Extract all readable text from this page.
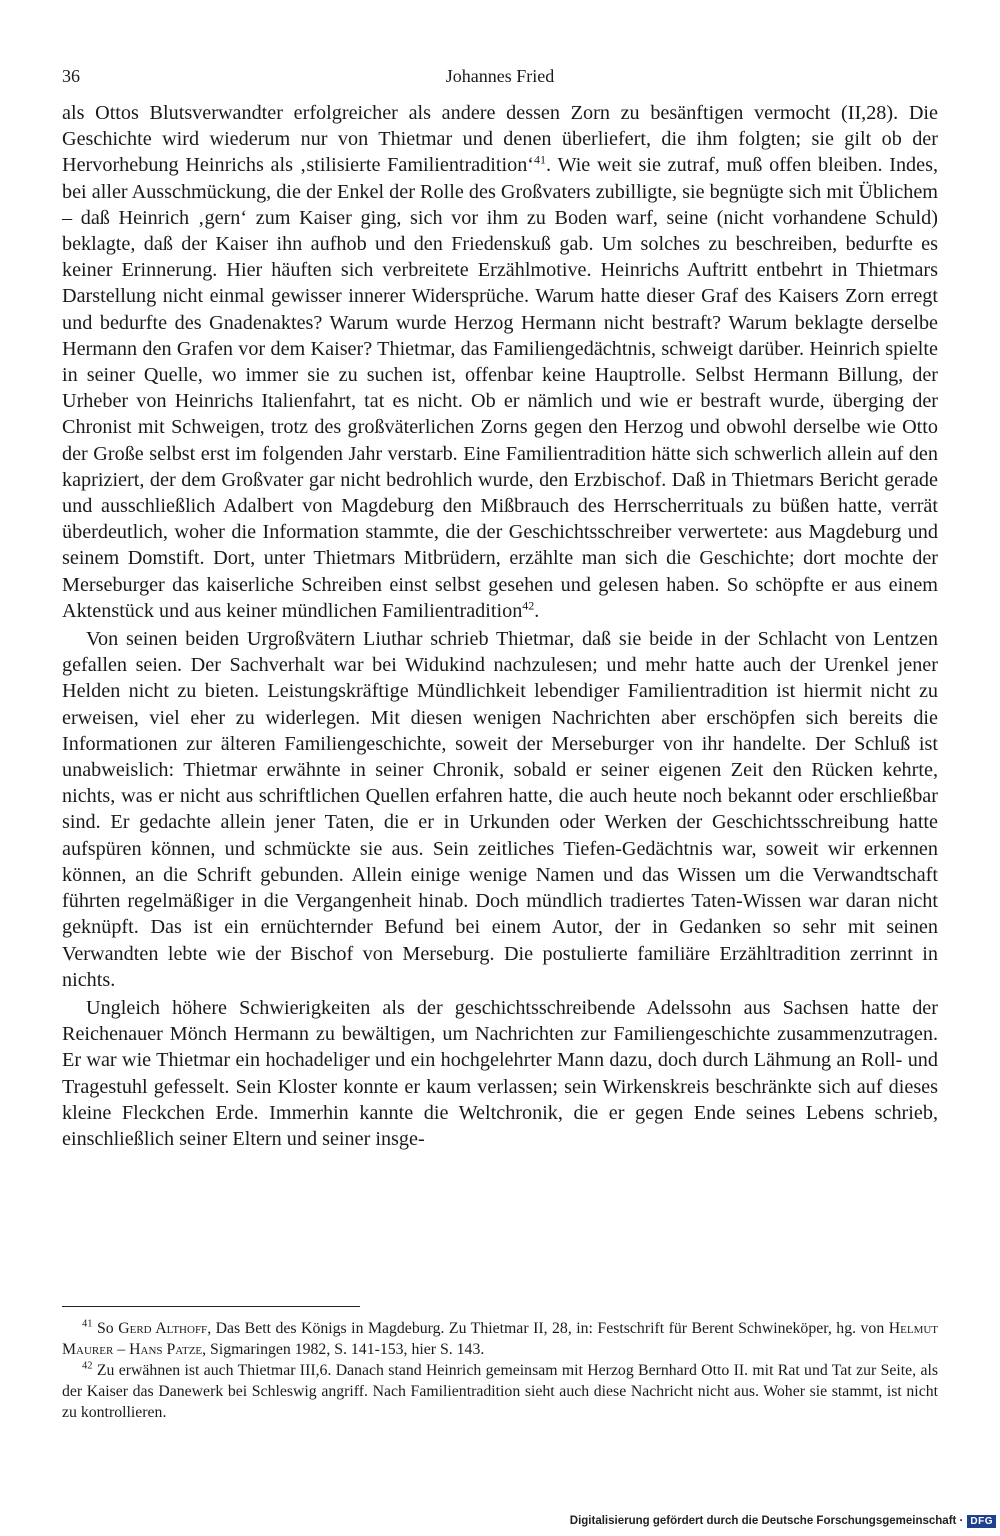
36	Johannes Fried

als Ottos Blutsverwandter erfolgreicher als andere dessen Zorn zu besänftigen vermocht (II,28). Die Geschichte wird wiederum nur von Thietmar und denen überliefert, die ihm folgten; sie gilt ob der Hervorhebung Heinrichs als ‚stilisierte Familientradition‘$^{41}$. Wie weit sie zutraf, muß offen bleiben. Indes, bei aller Ausschmückung, die der Enkel der Rolle des Großvaters zubilligte, sie begnügte sich mit Üblichem – daß Heinrich ‚gern‘ zum Kaiser ging, sich vor ihm zu Boden warf, seine (nicht vorhandene Schuld) beklagte, daß der Kaiser ihn aufhob und den Friedenskuß gab. Um solches zu beschreiben, bedurfte es keiner Erinnerung. Hier häuften sich verbreitete Erzählmotive. Heinrichs Auftritt entbehrt in Thietmars Darstellung nicht einmal gewisser innerer Widersprüche. Warum hatte dieser Graf des Kaisers Zorn erregt und bedurfte des Gnadenaktes? Warum wurde Herzog Hermann nicht bestraft? Warum beklagte derselbe Hermann den Grafen vor dem Kaiser? Thietmar, das Familiengedächtnis, schweigt darüber. Heinrich spielte in seiner Quelle, wo immer sie zu suchen ist, offenbar keine Hauptrolle. Selbst Hermann Billung, der Urheber von Heinrichs Italienfahrt, tat es nicht. Ob er nämlich und wie er bestraft wurde, überging der Chronist mit Schweigen, trotz des großväterlichen Zorns gegen den Herzog und obwohl derselbe wie Otto der Große selbst erst im folgenden Jahr verstarb. Eine Familientradition hätte sich schwerlich allein auf den kapriziert, der dem Großvater gar nicht bedrohlich wurde, den Erzbischof. Daß in Thietmars Bericht gerade und ausschließlich Adalbert von Magdeburg den Mißbrauch des Herrscherrituals zu büßen hatte, verrät überdeutlich, woher die Information stammte, die der Geschichtsschreiber verwertete: aus Magdeburg und seinem Domstift. Dort, unter Thietmars Mitbrüdern, erzählte man sich die Geschichte; dort mochte der Merseburger das kaiserliche Schreiben einst selbst gesehen und gelesen haben. So schöpfte er aus einem Aktenstück und aus keiner mündlichen Familientradition$^{42}$.

Von seinen beiden Urgroßvätern Liuthar schrieb Thietmar, daß sie beide in der Schlacht von Lentzen gefallen seien. Der Sachverhalt war bei Widukind nachzulesen; und mehr hatte auch der Urenkel jener Helden nicht zu bieten. Leistungskräftige Mündlichkeit lebendiger Familientradition ist hiermit nicht zu erweisen, viel eher zu widerlegen. Mit diesen wenigen Nachrichten aber erschöpfen sich bereits die Informationen zur älteren Familiengeschichte, soweit der Merseburger von ihr handelte. Der Schluß ist unabweislich: Thietmar erwähnte in seiner Chronik, sobald er seiner eigenen Zeit den Rücken kehrte, nichts, was er nicht aus schriftlichen Quellen erfahren hatte, die auch heute noch bekannt oder erschließbar sind. Er gedachte allein jener Taten, die er in Urkunden oder Werken der Geschichtsschreibung hatte aufspüren können, und schmückte sie aus. Sein zeitliches Tiefen-Gedächtnis war, soweit wir erkennen können, an die Schrift gebunden. Allein einige wenige Namen und das Wissen um die Verwandtschaft führten regelmäßiger in die Vergangenheit hinab. Doch mündlich tradiertes Taten-Wissen war daran nicht geknüpft. Das ist ein ernüchternder Befund bei einem Autor, der in Gedanken so sehr mit seinen Verwandten lebte wie der Bischof von Merseburg. Die postulierte familiäre Erzähltradition zerrinnt in nichts.

Ungleich höhere Schwierigkeiten als der geschichtsschreibende Adelssohn aus Sachsen hatte der Reichenauer Mönch Hermann zu bewältigen, um Nachrichten zur Familiengeschichte zusammenzutragen. Er war wie Thietmar ein hochadeliger und ein hochgelehrter Mann dazu, doch durch Lähmung an Roll- und Tragestuhl gefesselt. Sein Kloster konnte er kaum verlassen; sein Wirkenskreis beschränkte sich auf dieses kleine Fleckchen Erde. Immerhin kannte die Weltchronik, die er gegen Ende seines Lebens schrieb, einschließlich seiner Eltern und seiner insge-

$^{41}$ So Gerd Althoff, Das Bett des Königs in Magdeburg. Zu Thietmar II, 28, in: Festschrift für Berent Schwineköper, hg. von Helmut Maurer – Hans Patze, Sigmaringen 1982, S. 141-153, hier S. 143.

$^{42}$ Zu erwähnen ist auch Thietmar III,6. Danach stand Heinrich gemeinsam mit Herzog Bernhard Otto II. mit Rat und Tat zur Seite, als der Kaiser das Danewerk bei Schleswig angriff. Nach Familientradition sieht auch diese Nachricht nicht aus. Woher sie stammt, ist nicht zu kontrollieren.

Digitalisierung gefördert durch die Deutsche Forschungsgemeinschaft · DFG
